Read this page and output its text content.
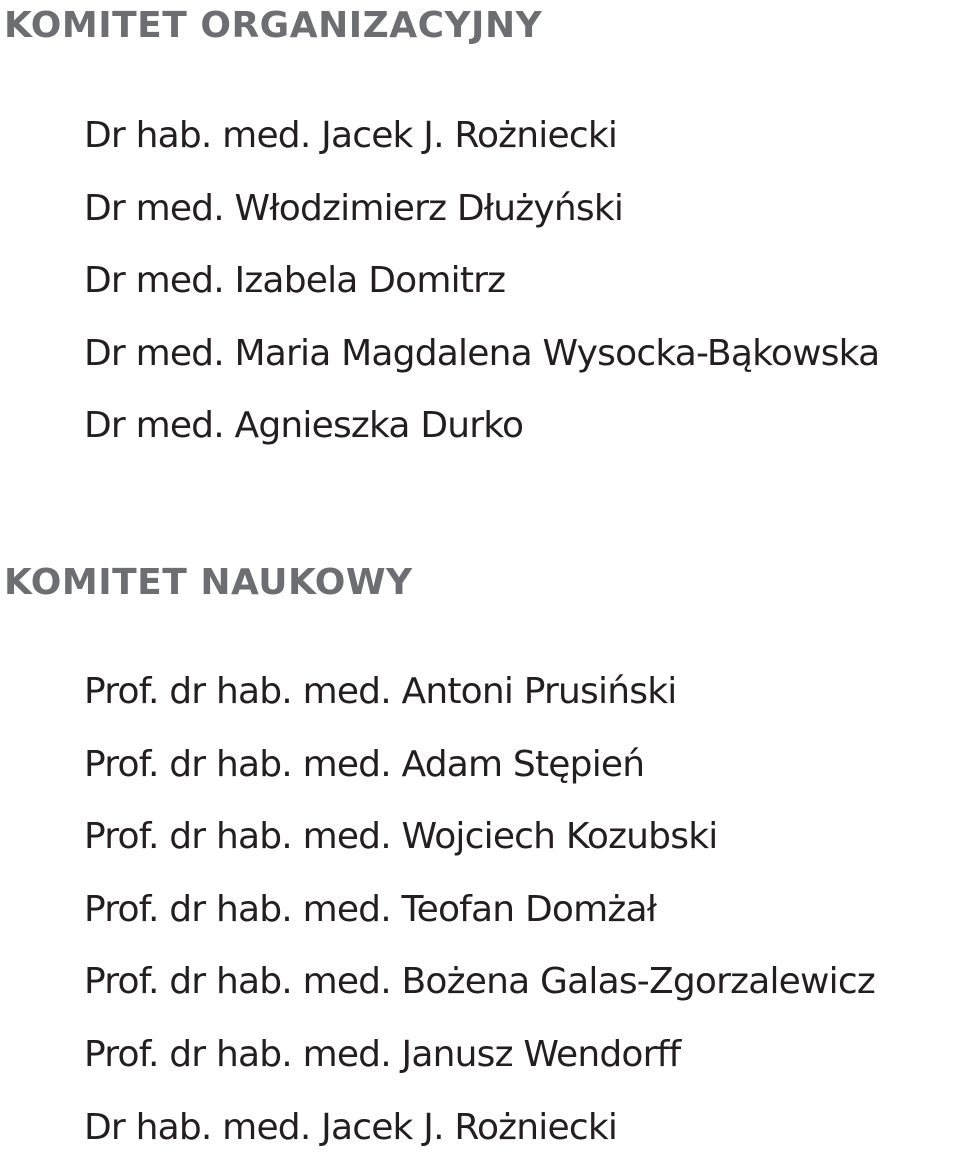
KOMITET ORGANIZACYJNY
Dr hab. med. Jacek J. Rożniecki
Dr med. Włodzimierz Dłużyński
Dr med. Izabela Domitrz
Dr med. Maria Magdalena Wysocka-Bąkowska
Dr med. Agnieszka Durko
KOMITET NAUKOWY
Prof. dr hab. med. Antoni Prusiński
Prof. dr hab. med. Adam Stępień
Prof. dr hab. med. Wojciech Kozubski
Prof. dr hab. med. Teofan Domżał
Prof. dr hab. med. Bożena Galas-Zgorzalewicz
Prof. dr hab. med. Janusz Wendorff
Dr hab. med. Jacek J. Rożniecki
